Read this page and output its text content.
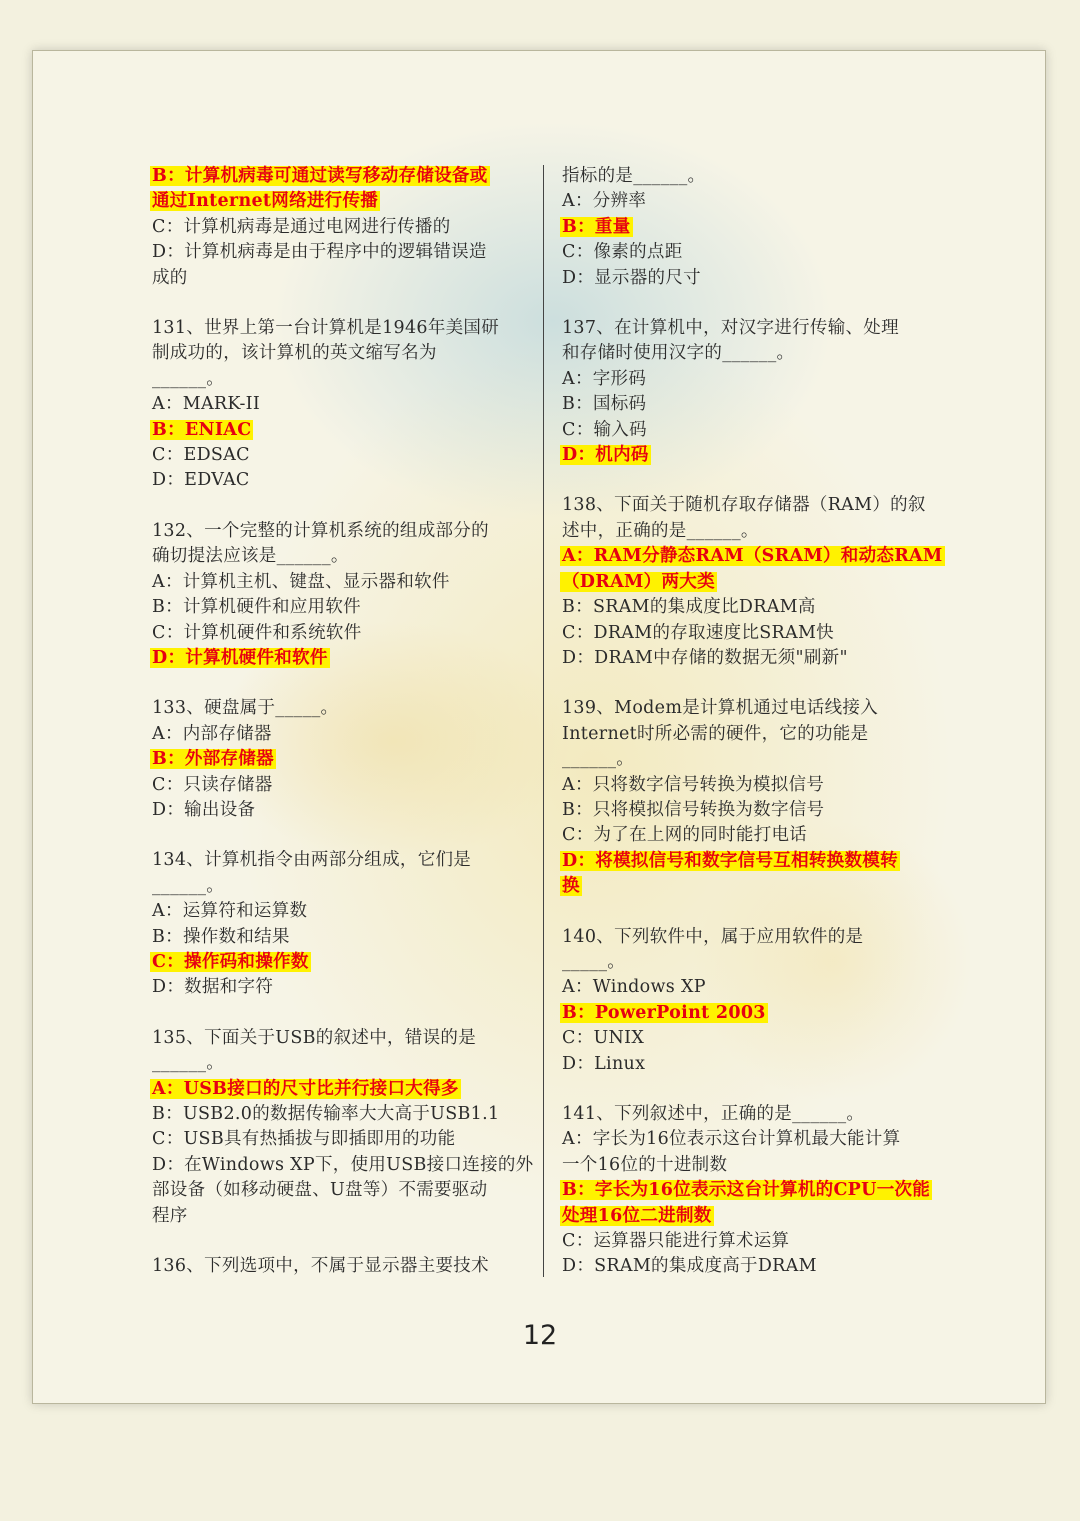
B：计算机病毒可通过读写移动存储设备或
通过Internet网络进行传播
C：计算机病毒是通过电网进行传播的
D：计算机病毒是由于程序中的逻辑错误造
成的
131、世界上第一台计算机是1946年美国研
制成功的，该计算机的英文缩写名为
______。
A：MARK-II
B：ENIAC
C：EDSAC
D：EDVAC
132、一个完整的计算机系统的组成部分的
确切提法应该是______。
A：计算机主机、键盘、显示器和软件
B：计算机硬件和应用软件
C：计算机硬件和系统软件
D：计算机硬件和软件
133、硬盘属于_____。
A：内部存储器
B：外部存储器
C：只读存储器
D：输出设备
134、计算机指令由两部分组成，它们是
______。
A：运算符和运算数
B：操作数和结果
C：操作码和操作数
D：数据和字符
135、下面关于USB的叙述中，错误的是
______。
A：USB接口的尺寸比并行接口大得多
B：USB2.0的数据传输率大大高于USB1.1
C：USB具有热插拔与即插即用的功能
D：在Windows XP下，使用USB接口连接的外
部设备（如移动硬盘、U盘等）不需要驱动
程序
136、下列选项中，不属于显示器主要技术
指标的是______。
A：分辨率
B：重量
C：像素的点距
D：显示器的尺寸
137、在计算机中，对汉字进行传输、处理
和存储时使用汉字的______。
A：字形码
B：国标码
C：输入码
D：机内码
138、下面关于随机存取存储器（RAM）的叙
述中，正确的是______。
A：RAM分静态RAM（SRAM）和动态RAM
（DRAM）两大类
B：SRAM的集成度比DRAM高
C：DRAM的存取速度比SRAM快
D：DRAM中存储的数据无须"刷新"
139、Modem是计算机通过电话线接入
Internet时所必需的硬件，它的功能是
______。
A：只将数字信号转换为模拟信号
B：只将模拟信号转换为数字信号
C：为了在上网的同时能打电话
D：将模拟信号和数字信号互相转换数模转
换
140、下列软件中，属于应用软件的是
_____。
A：Windows XP
B：PowerPoint 2003
C：UNIX
D：Linux
141、下列叙述中，正确的是______。
A：字长为16位表示这台计算机最大能计算
一个16位的十进制数
B：字长为16位表示这台计算机的CPU一次能
处理16位二进制数
C：运算器只能进行算术运算
D：SRAM的集成度高于DRAM
12
